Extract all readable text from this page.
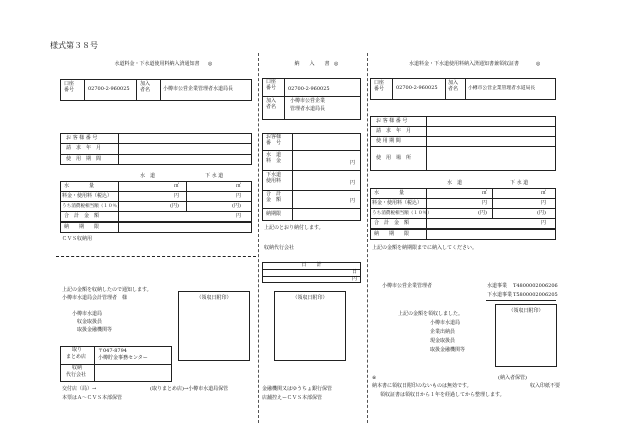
様式第３８号
水道料金・下水道使用料納入済通知書	◎
口座
番号	02700-2-960025
加入
者名	小樽市公営企業管理者水道局長
お 客 様 番 号
請　求　年　月
使　用　期　間
水　道	下 水 道
水　　　　量	㎥	㎥
料金・使用料（税込）	円	円
うち消費税相当額（１０％）	(円)	(円)
合　計　金　額	円
納　　期　　限
ＣＶＳ収納用
上記の金額を収納したので通知します。
小樽市水道局会計管理者　様	（領収日附印）
小樽市水道局
　収金取扱員
　取扱金融機関等
取り
まとめ店
〒047-8794
小樽貯金事務センター
収納
代行会社
交付店（局）→	(取りまとめ店)→小樽市水道局保管
本票はＡ～ＣＶＳ本部保管
納　　入　　書 ◎
口座
番号 02700-2-960025
加入
者名
小樽市公営企業
管理者水道局長
お客様
番　号
水　道
料　金	円
下水道
使用料	円
合　計
金　額	円
納期限
上記のとおり納付します。
収納代行会社
日　　計
日
円
（領収日附印）
金融機関又はゆうちょ銀行保管
店舗控えーＣＶＳ本部保管
水道料金・下水道使用料納入済通知書兼領収証書	◎
口座
番号 02700-2-960025
加入
者名 小樽市公営企業管理者水道局長
お 客 様 番 号
請　求　年　月
使 用 期 間
使　用　場　所
水　道	下 水 道
水　　　　量	㎥	㎥
料金・使用料（税込）	円	円
うち消費税相当額（１０％）	(円)	(円)
合　計　金　額	円
納　　期　　限
上記の金額を納期限までに納入してください。
小樽市公営企業管理者	水道事業 T4800002006206
下水道事業 T5800002006205
上記の金額を領収しました。
小樽市水道局
企業出納員
現金取扱員
取扱金融機関等
（領収日附印）
※	(納入者保管)
収入印紙不要
納本書に領収日附印のないものは無効です。
領収証書は領収日から１年を経過してから整理します。
